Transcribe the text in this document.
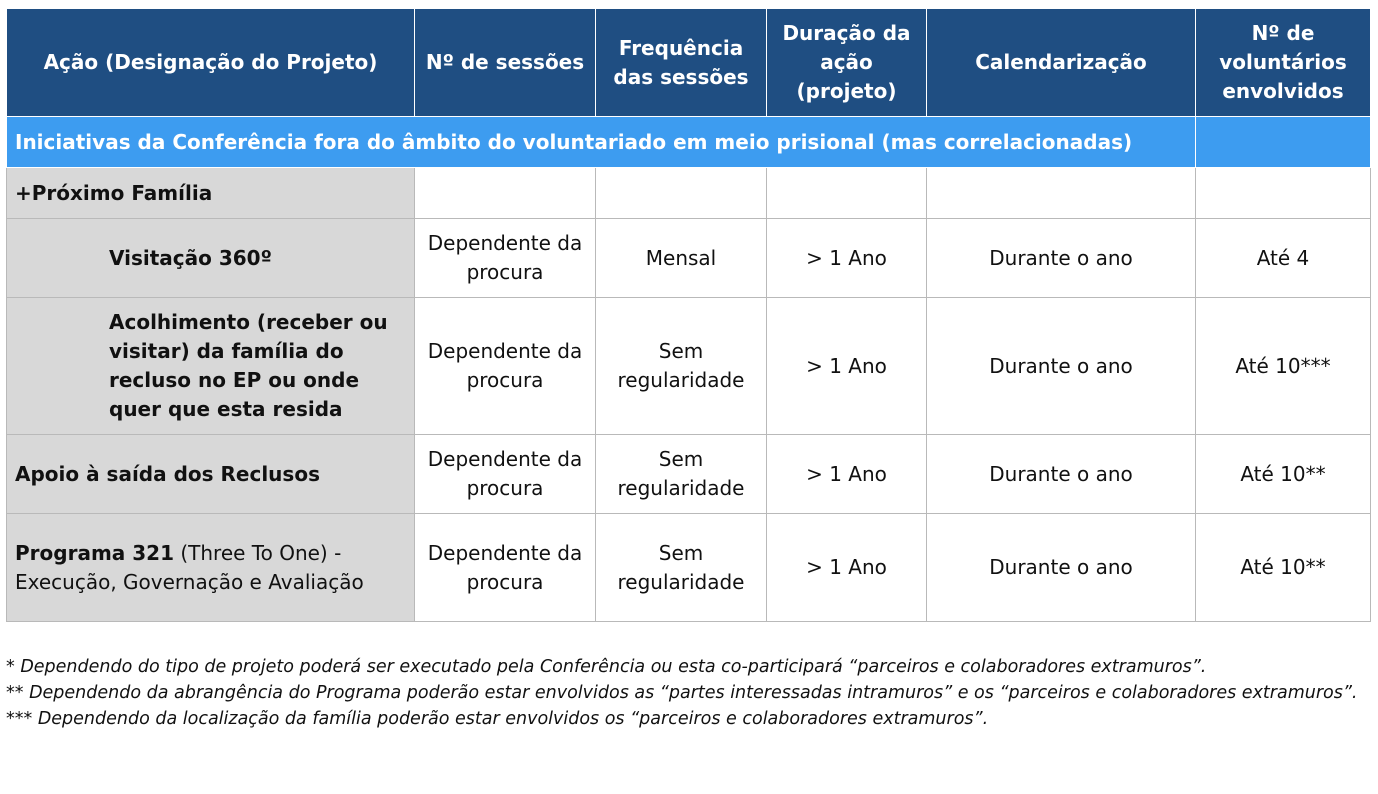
Ação (Designação do Projeto)	Nº de sessões	Frequência das sessões	Duração da ação (projeto)	Calendarização	Nº de voluntários envolvidos
Iniciativas da Conferência fora do âmbito do voluntariado em meio prisional (mas correlacionadas)					
+Próximo Família					
Visitação 360º	Dependente da procura	Mensal	> 1 Ano	Durante o ano	Até 4
Acolhimento (receber ou visitar) da família do recluso no EP ou onde quer que esta resida	Dependente da procura	Sem regularidade	> 1 Ano	Durante o ano	Até 10***
Apoio à saída dos Reclusos	Dependente da procura	Sem regularidade	> 1 Ano	Durante o ano	Até 10**
Programa 321 (Three To One) - Execução, Governação e Avaliação	Dependente da procura	Sem regularidade	> 1 Ano	Durante o ano	Até 10**

* Dependendo do tipo de projeto poderá ser executado pela Conferência ou esta co-participará “parceiros e colaboradores extramuros”.

** Dependendo da abrangência do Programa poderão estar envolvidos as “partes interessadas intramuros” e os “parceiros e colaboradores extramuros”.

*** Dependendo da localização da família poderão estar envolvidos os “parceiros e colaboradores extramuros”.
